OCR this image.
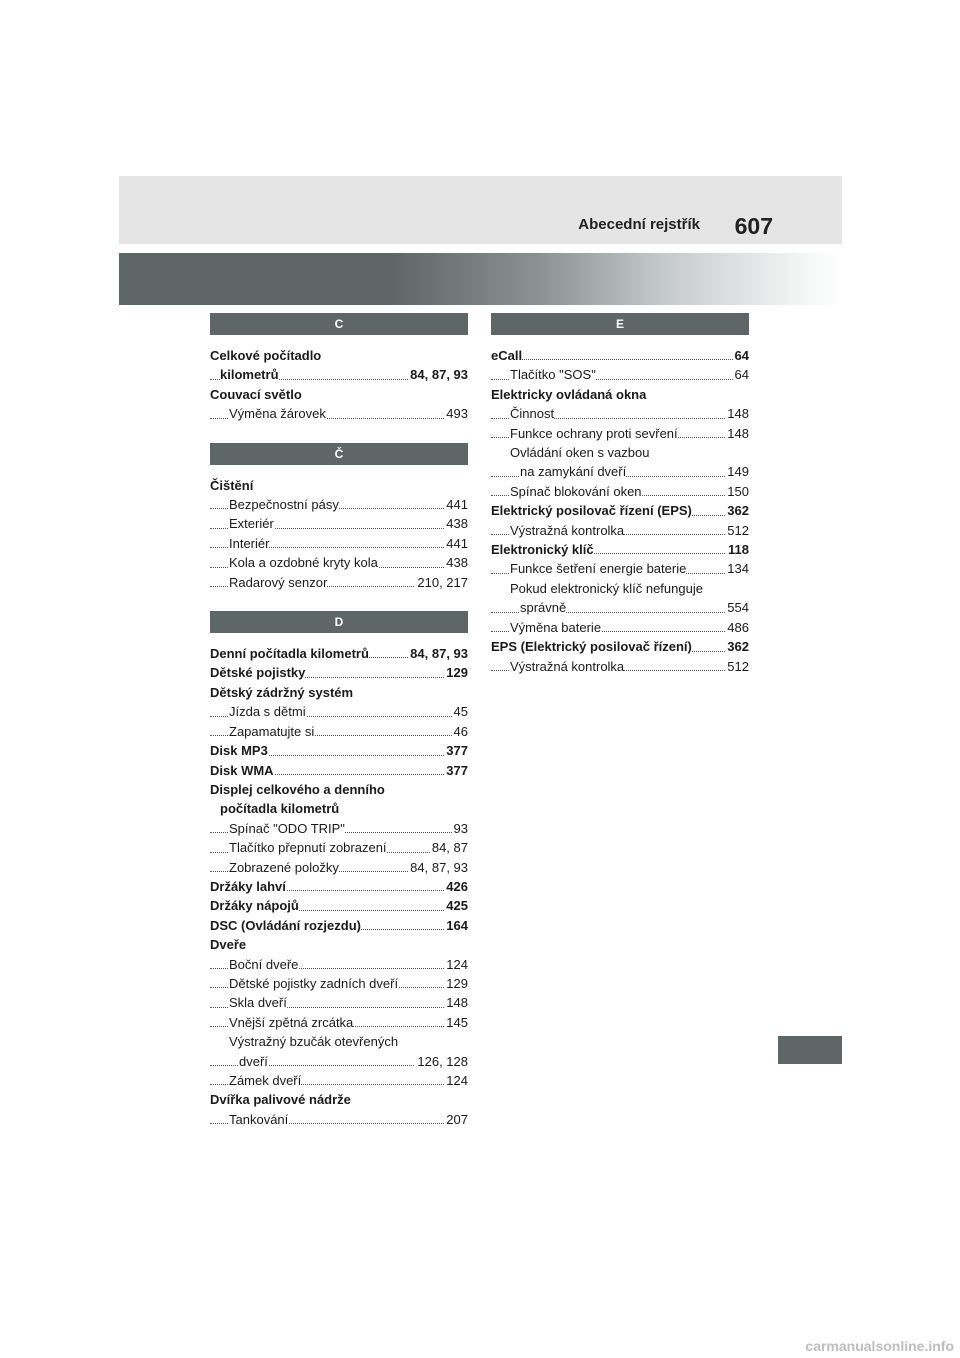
Abecední rejstřík 607
C
Celkové počítadlo
kilometrů	84, 87, 93
Couvací světlo
Výměna žárovek	493
Č
Čištění
Bezpečnostní pásy	441
Exteriér	438
Interiér	441
Kola a ozdobné kryty kola	438
Radarový senzor	210, 217
D
Denní počítadla kilometrů	84, 87, 93
Dětské pojistky	129
Dětský zádržný systém
Jízda s dětmi	45
Zapamatujte si	46
Disk MP3	377
Disk WMA	377
Displej celkového a denního
počítadla kilometrů
Spínač "ODO TRIP"	93
Tlačítko přepnutí zobrazení	84, 87
Zobrazené položky	84, 87, 93
Držáky lahví	426
Držáky nápojů	425
DSC (Ovládání rozjezdu)	164
Dveře
Boční dveře	124
Dětské pojistky zadních dveří	129
Skla dveří	148
Vnější zpětná zrcátka	145
Výstražný bzučák otevřených
dveří	126, 128
Zámek dveří	124
Dvířka palivové nádrže
Tankování	207
E
eCall	64
Tlačítko "SOS"	64
Elektricky ovládaná okna
Činnost	148
Funkce ochrany proti sevření	148
Ovládání oken s vazbou
na zamykání dveří	149
Spínač blokování oken	150
Elektrický posilovač řízení (EPS)	362
Výstražná kontrolka	512
Elektronický klíč	118
Funkce šetření energie baterie	134
Pokud elektronický klíč nefunguje
správně	554
Výměna baterie	486
EPS (Elektrický posilovač řízení)	362
Výstražná kontrolka	512
carmanualsonline.info
